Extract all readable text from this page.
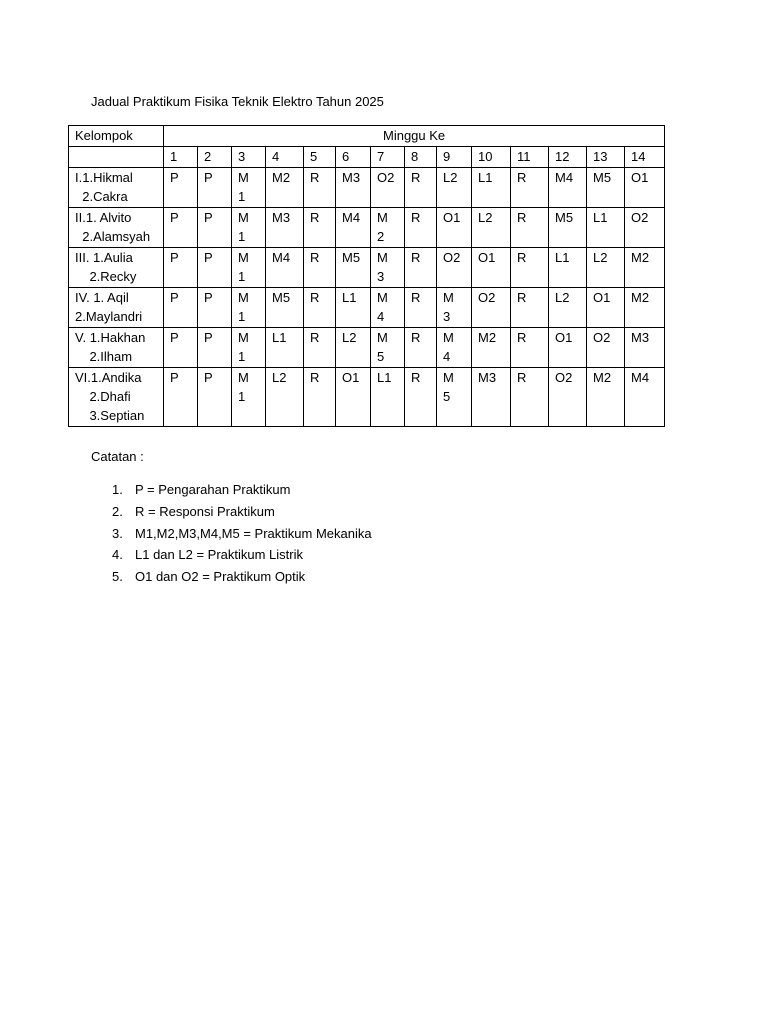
Jadual Praktikum Fisika Teknik Elektro Tahun 2025
Kelompok	Minggu Ke													
	1	2	3	4	5	6	7	8	9	10	11	12	13	14

I.1.Hikmal
2.Cakra	P	P	M1	M2	R	M3	O2	R	L2	L1	R	M4	M5	O1

II.1. Alvito
2.Alamsyah	P	P	M1	M3	R	M4	M2	R	O1	L2	R	M5	L1	O2

III. 1.Aulia
2.Recky	P	P	M1	M4	R	M5	M3	R	O2	O1	R	L1	L2	M2

IV. 1. Aqil
2.Maylandri	P	P	M1	M5	R	L1	M4	R	M3	O2	R	L2	O1	M2

V. 1.Hakhan
2.Ilham	P	P	M1	L1	R	L2	M5	R	M4	M2	R	O1	O2	M3

VI.1.Andika
2.Dhafi
3.Septian	P	P	M1	L2	R	O1	L1	R	M5	M3	R	O2	M2	M4
Catatan :
1. P = Pengarahan Praktikum
2. R = Responsi Praktikum
3. M1,M2,M3,M4,M5 = Praktikum Mekanika
4. L1 dan L2 = Praktikum Listrik
5. O1 dan O2 = Praktikum Optik
